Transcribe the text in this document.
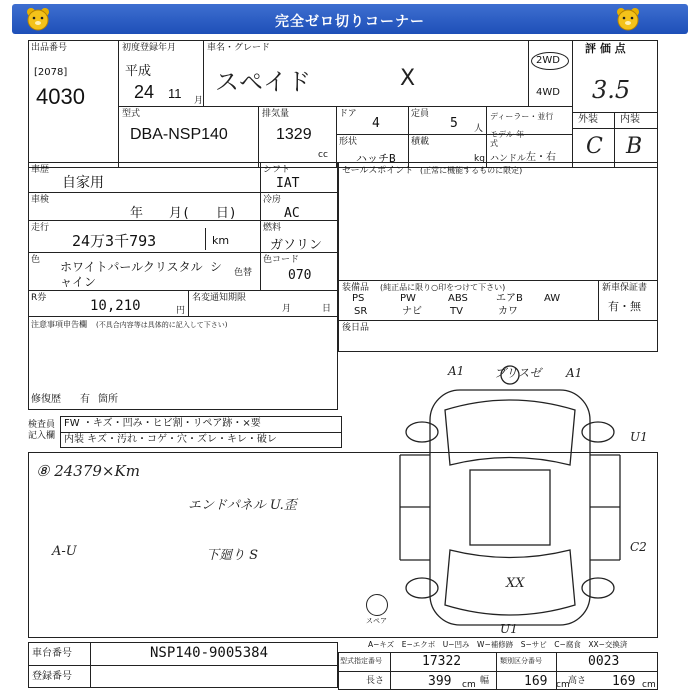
完全ゼロ切りコーナー
出品番号
[2078]
4030
初度登録年月
平成
24 11 月
車名・グレード
スペイド	X
2WD
4WD
評 価 点
3.5
型式
DBA-NSP140
排気量
1329
cc
ドア
4
定員
5 人
ディーラー・並行
モデル 年式
形状
ハッチB
積載
kg ハンドル 左・右
外装 内装
C B
車歴
自家用
シフト
IAT
車検
年　　月(　　日)
冷房
AC
走行
24万3千793	km
燃料
ガソリン
色 ホワイトパールクリスタル シャイン
色替
色コード
070
R券	10,210	円
名変通知期限
月	日
注意事項申告欄 (不具合内容等は具体的に記入して下さい)
修復歴 有 箇所
セールスポイント (正常に機能するものに限定)
装備品 (純正品に限り○印をつけて下さい)	新車保証書
有・無
PS	PW	ABS	エアB AW
SR	ナビ	TV	カワ
後日品
検査員 記入欄
FW ・キズ・凹み・ヒビ割・リペア跡・×要
内装 キズ・汚れ・コゲ・穴・ズレ・キレ・破レ
⑧ 24379×Km
エンドパネル U.歪
A-U	下廻り S
A1 ブリスゼ A1
U1
C2
XX
U1
スペア
A−キズ　E−エクボ　U−凹み　W−補修跡　S−サビ　C−腐食　XX−交換済
車台番号	NSP140-9005384
登録番号
型式指定番号	17322	類別区分番号	0023
長さ	399 cm 幅	169 cm
高さ 169 cm
